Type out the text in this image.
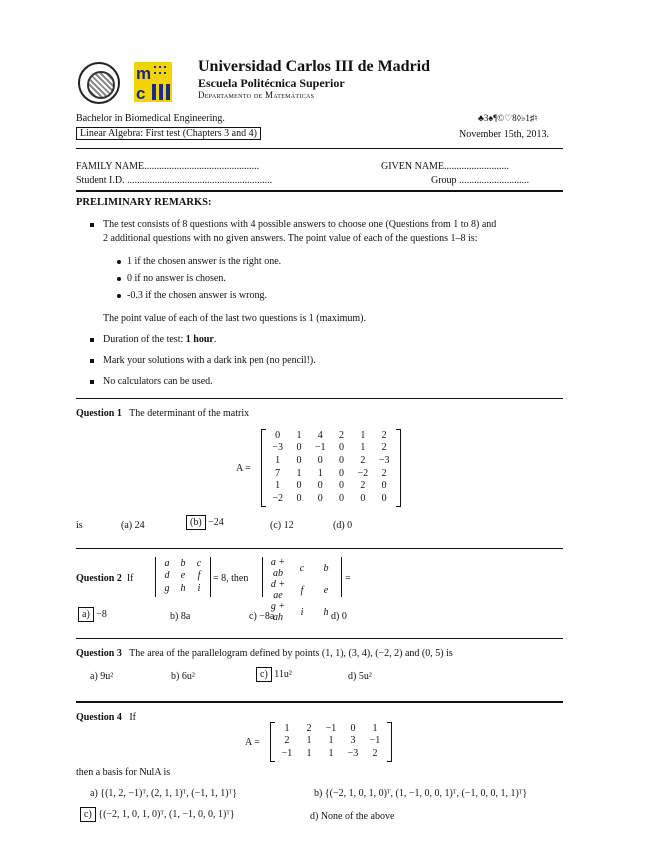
m
c
Universidad Carlos III de Madrid
Escuela Politécnica Superior
Departamento de Matemáticas
Bachelor in Biomedical Engineering.	♣3♠¶©♡8◊♭1♯♮
Linear Algebra: First test (Chapters 3 and 4)	November 15th, 2013.
FAMILY NAME..............................................	GIVEN NAME..........................
Student I.D. ..........................................................	Group ............................
PRELIMINARY REMARKS:
The test consists of 8 questions with 4 possible answers to choose one (Questions from 1 to 8) and
2 additional questions with no given answers. The point value of each of the questions 1–8 is:
1 if the chosen answer is the right one.
0 if no answer is chosen.
-0.3 if the chosen answer is wrong.
The point value of each of the last two questions is 1 (maximum).
Duration of the test: 1 hour.
Mark your solutions with a dark ink pen (no pencil!).
No calculators can be used.
Question 1 The determinant of the matrix
A =
0	1	4	2	1	2
−3	0	−1	0	1	2
1	0	0	0	2	−3
7	1	1	0	−2	2
1	0	0	0	2	0
−2	0	0	0	0	0
is	(a) 24	(b) −24	(c) 12	(d) 0
Question 2 If
a	b	c
d	e	f
g	h	i
= 8, then
a + ab	c	b
d + ae	f	e
g + ah	i	h
=
a) −8	b) 8a	c) −8a	d) 0
Question 3 The area of the parallelogram defined by points (1, 1), (3, 4), (−2, 2) and (0, 5) is
a) 9u²	b) 6u²	c) 11u²	d) 5u²
Question 4 If
A =
1	2	−1	0	1
2	1	1	3	−1
−1	1	1	−3	2
then a basis for NulA is
a) {(1, 2, −1)ᵀ, (2, 1, 1)ᵀ, (−1, 1, 1)ᵀ}	b) {(−2, 1, 0, 1, 0)ᵀ, (1, −1, 0, 0, 1)ᵀ, (−1, 0, 0, 1, 1)ᵀ}
c) {(−2, 1, 0, 1, 0)ᵀ, (1, −1, 0, 0, 1)ᵀ}	d) None of the above
